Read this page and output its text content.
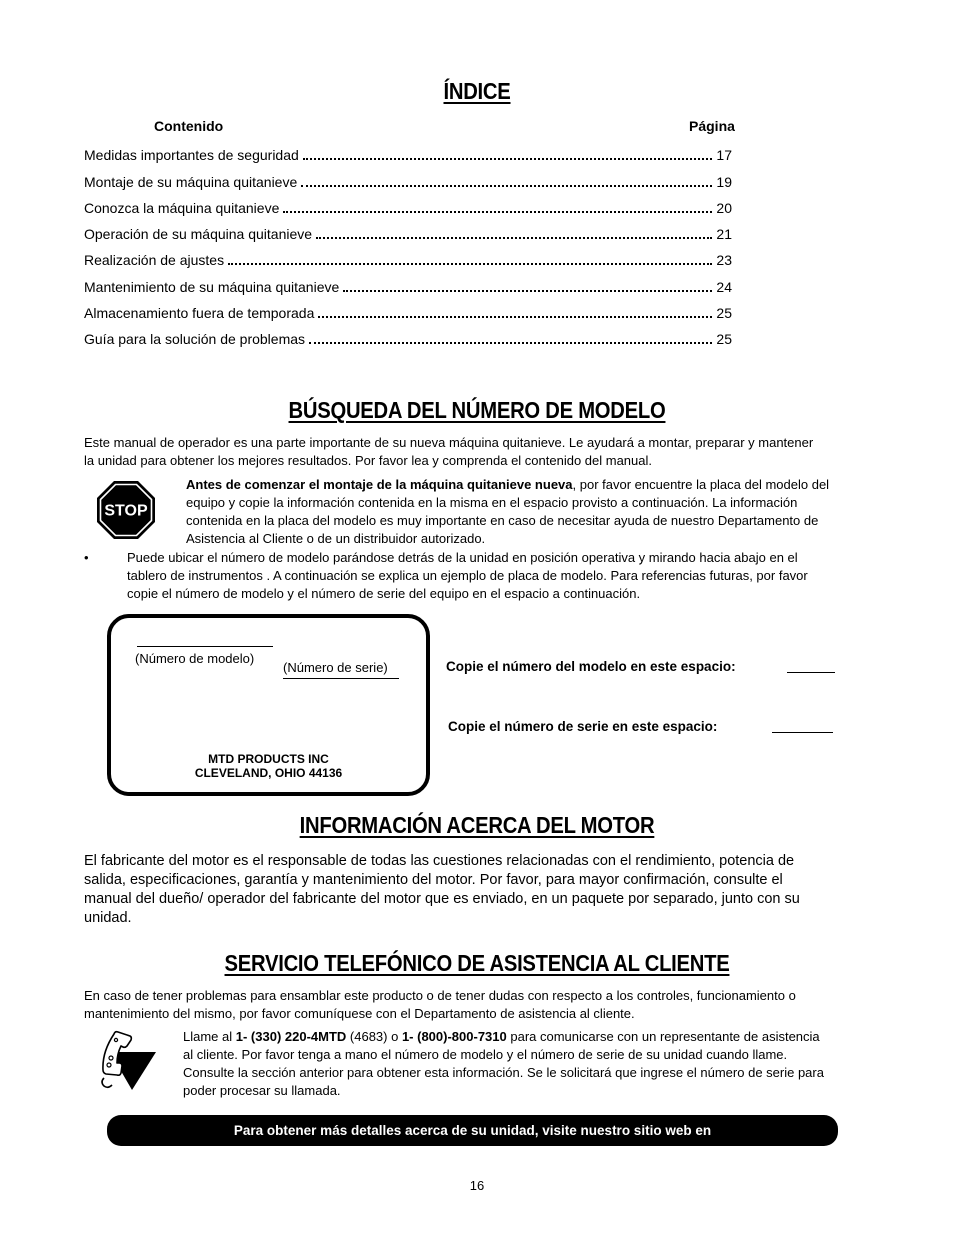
ÍNDICE
Contenido	Página
Medidas importantes de seguridad	17
Montaje de su máquina quitanieve	19
Conozca la máquina quitanieve	20
Operación de su máquina quitanieve	21
Realización de ajustes	23
Mantenimiento de su máquina quitanieve	24
Almacenamiento fuera de temporada	25
Guía para la solución de problemas	25
BÚSQUEDA DEL NÚMERO DE MODELO
Este manual de operador es una parte importante de su nueva máquina quitanieve. Le ayudará a montar, preparar y mantener
la unidad para obtener los mejores resultados. Por favor lea y comprenda el contenido del manual.
STOP
Antes de comenzar el montaje de la máquina quitanieve nueva, por favor encuentre la placa del modelo del
equipo y copie la información contenida en la misma en el espacio provisto a continuación. La información
contenida en la placa del modelo es muy importante en caso de necesitar ayuda de nuestro Departamento de
Asistencia al Cliente o de un distribuidor autorizado.
•	Puede ubicar el número de modelo parándose detrás de la unidad en posición operativa y mirando hacia abajo en el
tablero de instrumentos . A continuación se explica un ejemplo de placa de modelo. Para referencias futuras, por favor
copie el número de modelo y el número de serie del equipo en el espacio a continuación.
(Número de modelo)
(Número de serie)
MTD PRODUCTS INC
CLEVELAND, OHIO 44136
Copie el número del modelo en este espacio:
Copie el número de serie en este espacio:
INFORMACIÓN ACERCA DEL MOTOR
El fabricante del motor es el responsable de todas las cuestiones relacionadas con el rendimiento, potencia de
salida, especificaciones, garantía y mantenimiento del motor. Por favor, para mayor confirmación, consulte el
manual del dueño/ operador del fabricante del motor que es enviado, en un paquete por separado, junto con su
unidad.
SERVICIO TELEFÓNICO DE ASISTENCIA AL CLIENTE
En caso de tener problemas para ensamblar este producto o de tener dudas con respecto a los controles, funcionamiento o
mantenimiento del mismo, por favor comuníquese con el Departamento de asistencia al cliente.
Llame al 1- (330) 220-4MTD (4683) o 1- (800)-800-7310 para comunicarse con un representante de asistencia
al cliente. Por favor tenga a mano el número de modelo y el número de serie de su unidad cuando llame.
Consulte la sección anterior para obtener esta información. Se le solicitará que ingrese el número de serie para
poder procesar su llamada.
Para obtener más detalles acerca de su unidad, visite nuestro sitio web en
16
